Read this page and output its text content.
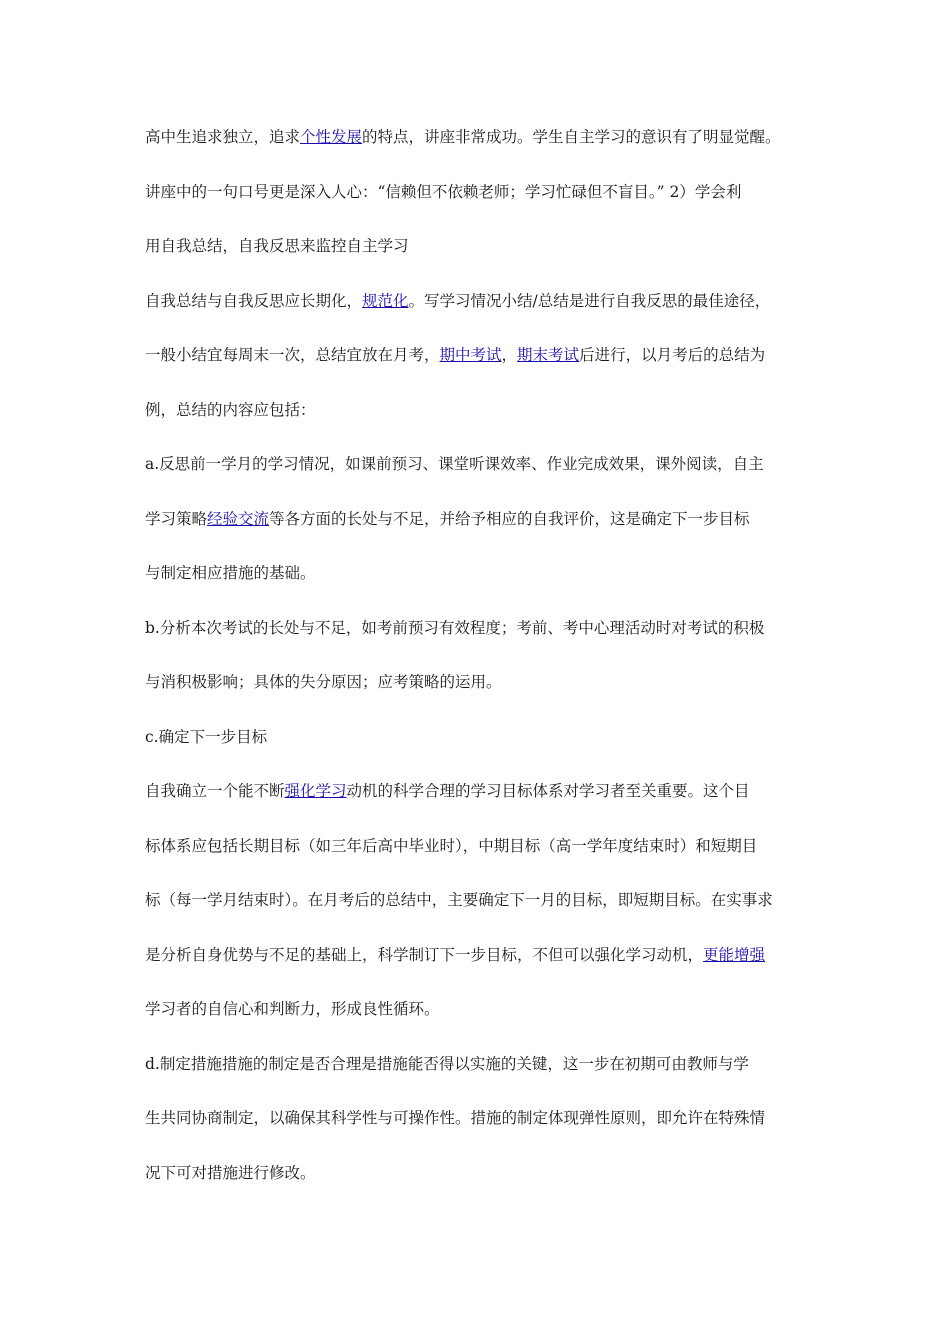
高中生追求独立，追求个性发展的特点，讲座非常成功。学生自主学习的意识有了明显觉醒。
讲座中的一句口号更是深入人心：“信赖但不依赖老师；学习忙碌但不盲目。” 2）学会利
用自我总结，自我反思来监控自主学习
自我总结与自我反思应长期化，规范化。写学习情况小结/总结是进行自我反思的最佳途径，
一般小结宜每周末一次，总结宜放在月考，期中考试，期末考试后进行，以月考后的总结为
例，总结的内容应包括：
a.反思前一学月的学习情况，如课前预习、课堂听课效率、作业完成效果，课外阅读，自主
学习策略经验交流等各方面的长处与不足，并给予相应的自我评价，这是确定下一步目标
与制定相应措施的基础。
b.分析本次考试的长处与不足，如考前预习有效程度；考前、考中心理活动时对考试的积极
与消积极影响；具体的失分原因；应考策略的运用。
c.确定下一步目标
自我确立一个能不断强化学习动机的科学合理的学习目标体系对学习者至关重要。这个目
标体系应包括长期目标（如三年后高中毕业时），中期目标（高一学年度结束时）和短期目
标（每一学月结束时）。在月考后的总结中，主要确定下一月的目标，即短期目标。在实事求
是分析自身优势与不足的基础上，科学制订下一步目标，不但可以强化学习动机，更能增强
学习者的自信心和判断力，形成良性循环。
d.制定措施措施的制定是否合理是措施能否得以实施的关键，这一步在初期可由教师与学
生共同协商制定，以确保其科学性与可操作性。措施的制定体现弹性原则，即允许在特殊情
况下可对措施进行修改。
